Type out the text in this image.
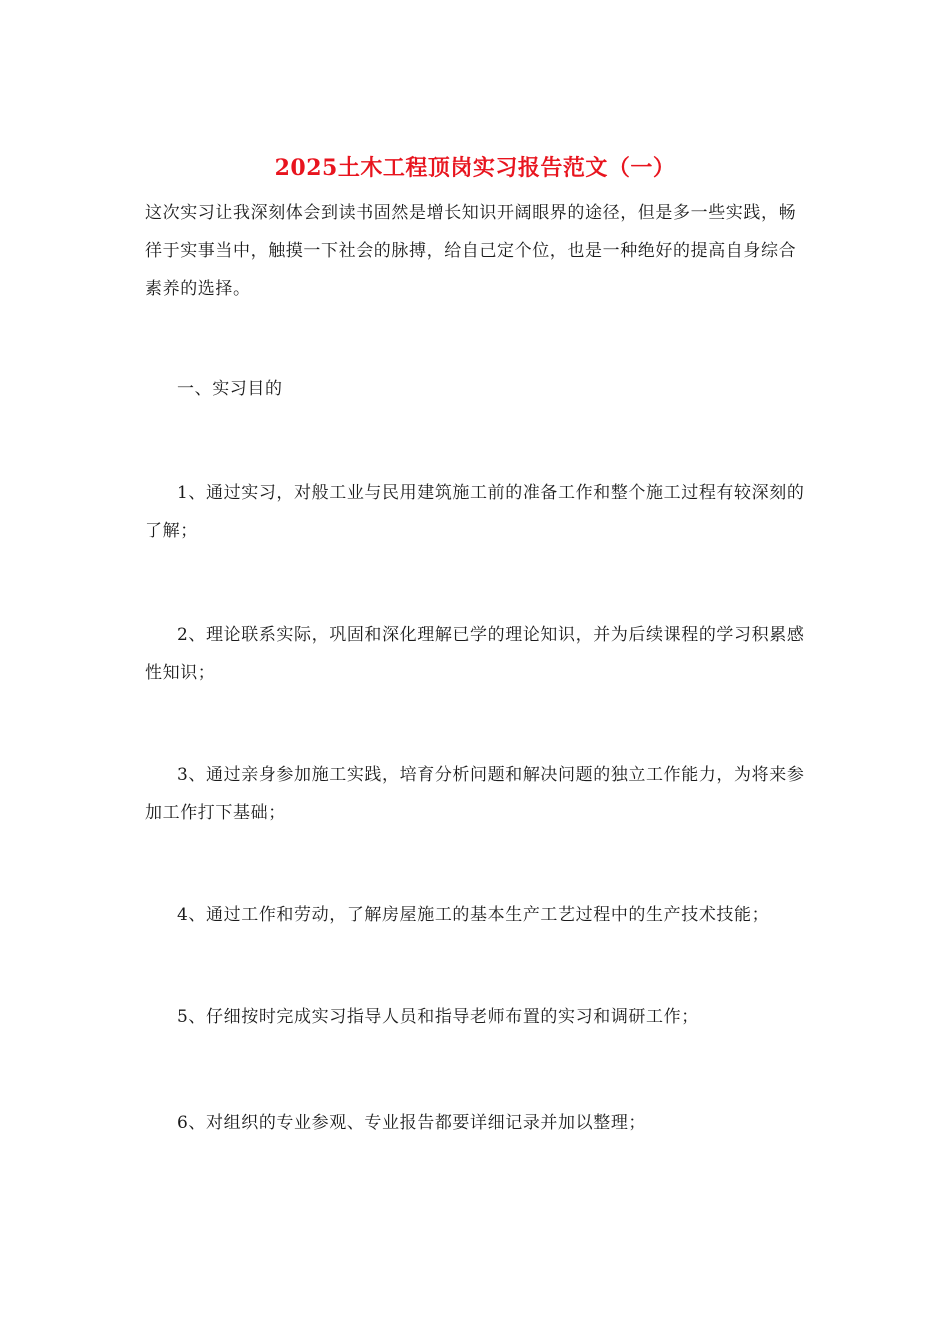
2025土木工程顶岗实习报告范文（一）

这次实习让我深刻体会到读书固然是增长知识开阔眼界的途径，但是多一些实践，畅徉于实事当中，触摸一下社会的脉搏，给自己定个位，也是一种绝好的提高自身综合素养的选择。

一、实习目的

1、通过实习，对般工业与民用建筑施工前的准备工作和整个施工过程有较深刻的了解；

2、理论联系实际，巩固和深化理解已学的理论知识，并为后续课程的学习积累感性知识；

3、通过亲身参加施工实践，培育分析问题和解决问题的独立工作能力，为将来参加工作打下基础；

4、通过工作和劳动，了解房屋施工的基本生产工艺过程中的生产技术技能；

5、仔细按时完成实习指导人员和指导老师布置的实习和调研工作；

6、对组织的专业参观、专业报告都要详细记录并加以整理；
